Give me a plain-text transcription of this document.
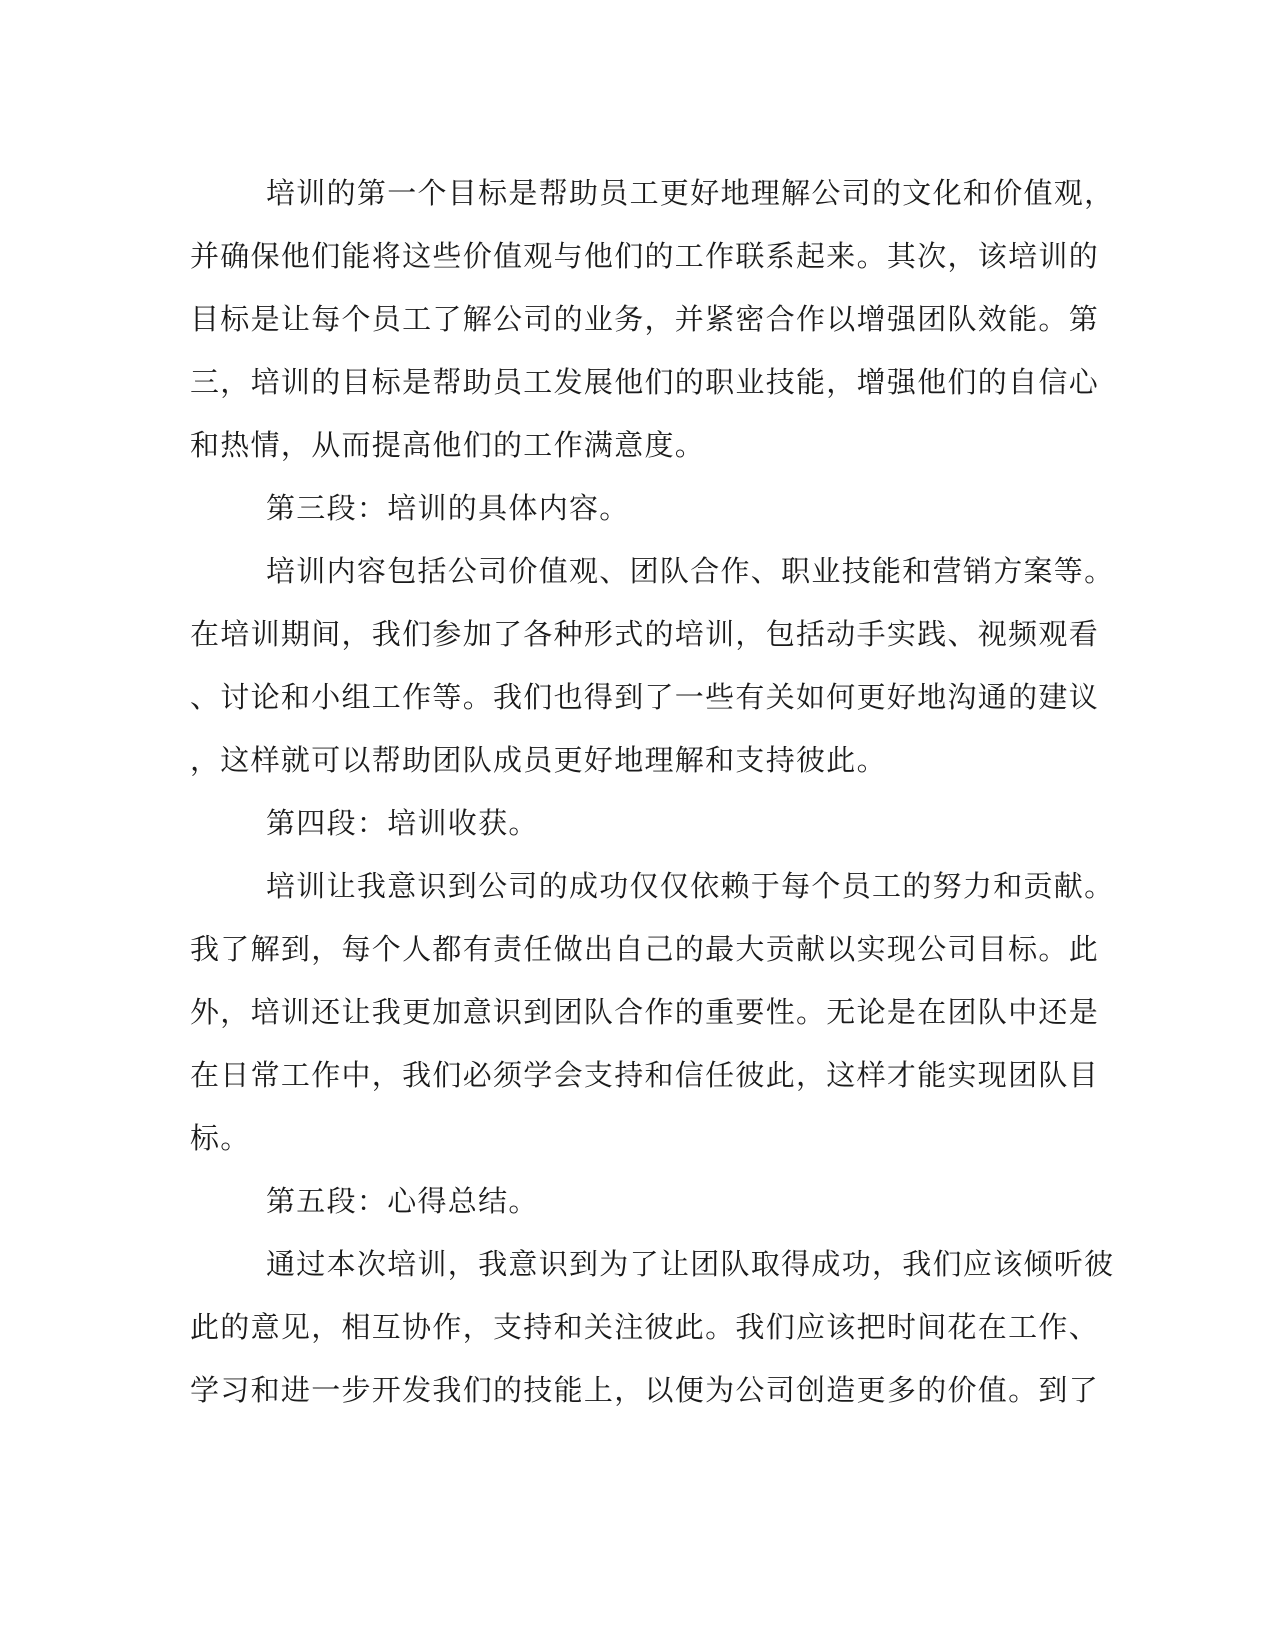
培训的第一个目标是帮助员工更好地理解公司的文化和价值观，
并确保他们能将这些价值观与他们的工作联系起来。其次，该培训的
目标是让每个员工了解公司的业务，并紧密合作以增强团队效能。第
三，培训的目标是帮助员工发展他们的职业技能，增强他们的自信心
和热情，从而提高他们的工作满意度。
第三段：培训的具体内容。
培训内容包括公司价值观、团队合作、职业技能和营销方案等。
在培训期间，我们参加了各种形式的培训，包括动手实践、视频观看
、讨论和小组工作等。我们也得到了一些有关如何更好地沟通的建议
，这样就可以帮助团队成员更好地理解和支持彼此。
第四段：培训收获。
培训让我意识到公司的成功仅仅依赖于每个员工的努力和贡献。
我了解到，每个人都有责任做出自己的最大贡献以实现公司目标。此
外，培训还让我更加意识到团队合作的重要性。无论是在团队中还是
在日常工作中，我们必须学会支持和信任彼此，这样才能实现团队目
标。
第五段：心得总结。
通过本次培训，我意识到为了让团队取得成功，我们应该倾听彼
此的意见，相互协作，支持和关注彼此。我们应该把时间花在工作、
学习和进一步开发我们的技能上，以便为公司创造更多的价值。到了
